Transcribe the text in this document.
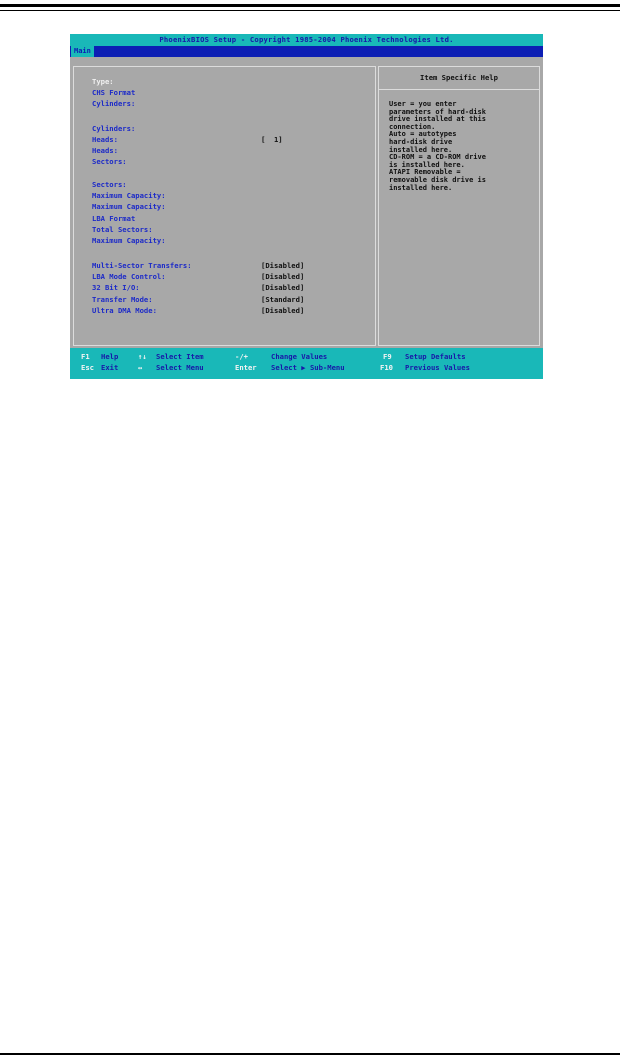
PhoenixBIOS Setup - Copyright 1985-2004 Phoenix Technologies Ltd.
Main
Type:
CHS Format
Cylinders:
Cylinders:
Heads:	[  1]
Heads:
Sectors:
Sectors:
Maximum Capacity:
Maximum Capacity:
LBA Format
Total Sectors:
Maximum Capacity:
Multi-Sector Transfers:	[Disabled]
LBA Mode Control:	[Disabled]
32 Bit I/O:	[Disabled]
Transfer Mode:	[Standard]
Ultra DMA Mode:	[Disabled]
Item Specific Help
User = you enter
parameters of hard-disk
drive installed at this
connection.
Auto = autotypes
hard-disk drive
installed here.
CD-ROM = a CD-ROM drive
is installed here.
ATAPI Removable =
removable disk drive is
installed here.
F1 Help	↑↓ Select Item	-/+	Change Values	F9 Setup Defaults
Esc Exit	↔ Select Menu	Enter Select ▶ Sub-Menu	F10 Previous Values
